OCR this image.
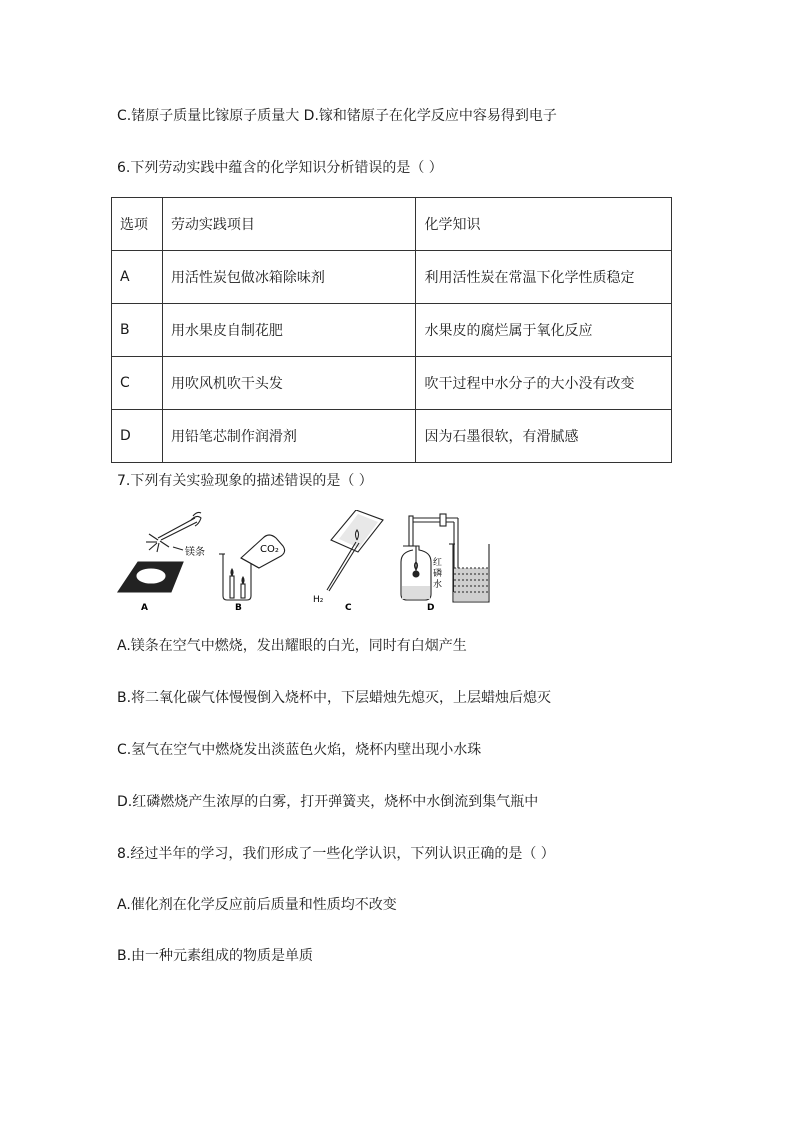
C.锗原子质量比镓原子质量大 D.镓和锗原子在化学反应中容易得到电子
6.下列劳动实践中蕴含的化学知识分析错误的是（ ）
选项	劳动实践项目	化学知识
A	用活性炭包做冰箱除味剂	利用活性炭在常温下化学性质稳定
B	用水果皮自制花肥	水果皮的腐烂属于氧化反应
C	用吹风机吹干头发	吹干过程中水分子的大小没有改变
D	用铅笔芯制作润滑剂	因为石墨很软，有滑腻感
7.下列有关实验现象的描述错误的是（ ）
镁条
A
CO₂
B
H₂
C
红
磷
水
D
A.镁条在空气中燃烧，发出耀眼的白光，同时有白烟产生
B.将二氧化碳气体慢慢倒入烧杯中，下层蜡烛先熄灭，上层蜡烛后熄灭
C.氢气在空气中燃烧发出淡蓝色火焰，烧杯内壁出现小水珠
D.红磷燃烧产生浓厚的白雾，打开弹簧夹，烧杯中水倒流到集气瓶中
8.经过半年的学习，我们形成了一些化学认识，下列认识正确的是（ ）
A.催化剂在化学反应前后质量和性质均不改变
B.由一种元素组成的物质是单质
